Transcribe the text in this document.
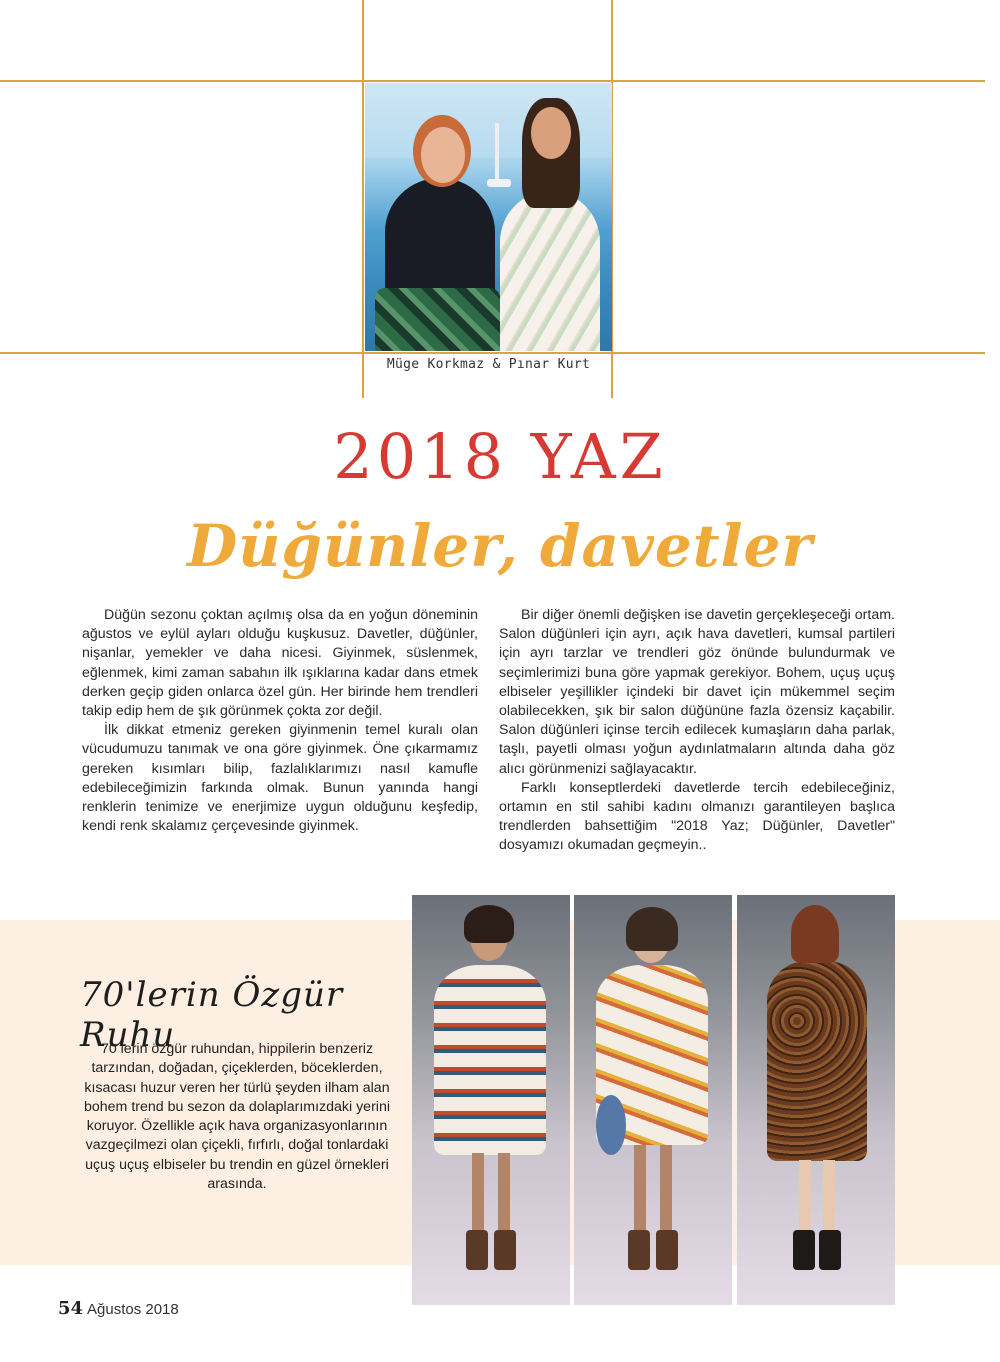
Müge Korkmaz & Pınar Kurt
2018 YAZ
Düğünler, davetler

Düğün sezonu çoktan açılmış olsa da en yoğun döneminin ağustos ve eylül ayları olduğu kuşkusuz. Davetler, düğünler, nişanlar, yemekler ve daha nicesi. Giyinmek, süslenmek, eğlenmek, kimi zaman sabahın ilk ışıklarına kadar dans etmek derken geçip giden onlarca özel gün. Her birinde hem trendleri takip edip hem de şık görünmek çokta zor değil.

İlk dikkat etmeniz gereken giyinmenin temel kuralı olan vücudumuzu tanımak ve ona göre giyinmek. Öne çıkarmamız gereken kısımları bilip, fazlalıklarımızı nasıl kamufle edebileceğimizin farkında olmak. Bunun yanında hangi renklerin tenimize ve enerjimize uygun olduğunu keşfedip, kendi renk skalamız çerçevesinde giyinmek.

Bir diğer önemli değişken ise davetin gerçekleşeceği ortam. Salon düğünleri için ayrı, açık hava davetleri, kumsal partileri için ayrı tarzlar ve trendleri göz önünde bulundurmak ve seçimlerimizi buna göre yapmak gerekiyor. Bohem, uçuş uçuş elbiseler yeşillikler içindeki bir davet için mükemmel seçim olabilecekken, şık bir salon düğününe fazla özensiz kaçabilir. Salon düğünleri içinse tercih edilecek kumaşların daha parlak, taşlı, payetli olması yoğun aydınlatmaların altında daha göz alıcı görünmenizi sağlayacaktır.

Farklı konseptlerdeki davetlerde tercih edebileceğiniz, ortamın en stil sahibi kadını olmanızı garantileyen başlıca trendlerden bahsettiğim "2018 Yaz; Düğünler, Davetler" dosyamızı okumadan geçmeyin..

70'lerin Özgür Ruhu
70 lerin özgür ruhundan, hippilerin benzeriz tarzından, doğadan, çiçeklerden, böceklerden, kısacası huzur veren her türlü şeyden ilham alan bohem trend bu sezon da dolaplarımızdaki yerini koruyor. Özellikle açık hava organizasyonlarının vazgeçilmezi olan çiçekli, fırfırlı, doğal tonlardaki uçuş uçuş elbiseler bu trendin en güzel örnekleri arasında.
54 Ağustos 2018
